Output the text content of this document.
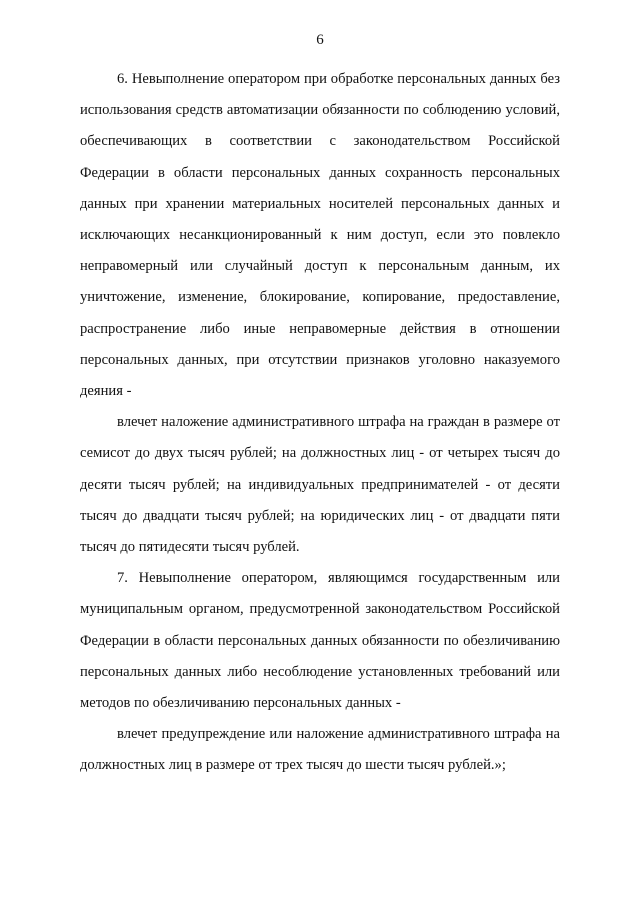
6

6. Невыполнение оператором при обработке персональных данных без использования средств автоматизации обязанности по соблюдению условий, обеспечивающих в соответствии с законодательством Российской Федерации в области персональных данных сохранность персональных данных при хранении материальных носителей персональных данных и исключающих несанкционированный к ним доступ, если это повлекло неправомерный или случайный доступ к персональным данным, их уничтожение, изменение, блокирование, копирование, предоставление, распространение либо иные неправомерные действия в отношении персональных данных, при отсутствии признаков уголовно наказуемого деяния -

влечет наложение административного штрафа на граждан в размере от семисот до двух тысяч рублей; на должностных лиц - от четырех тысяч до десяти тысяч рублей; на индивидуальных предпринимателей - от десяти тысяч до двадцати тысяч рублей; на юридических лиц - от двадцати пяти тысяч до пятидесяти тысяч рублей.

7. Невыполнение оператором, являющимся государственным или муниципальным органом, предусмотренной законодательством Российской Федерации в области персональных данных обязанности по обезличиванию персональных данных либо несоблюдение установленных требований или методов по обезличиванию персональных данных -

влечет предупреждение или наложение административного штрафа на должностных лиц в размере от трех тысяч до шести тысяч рублей.»;
